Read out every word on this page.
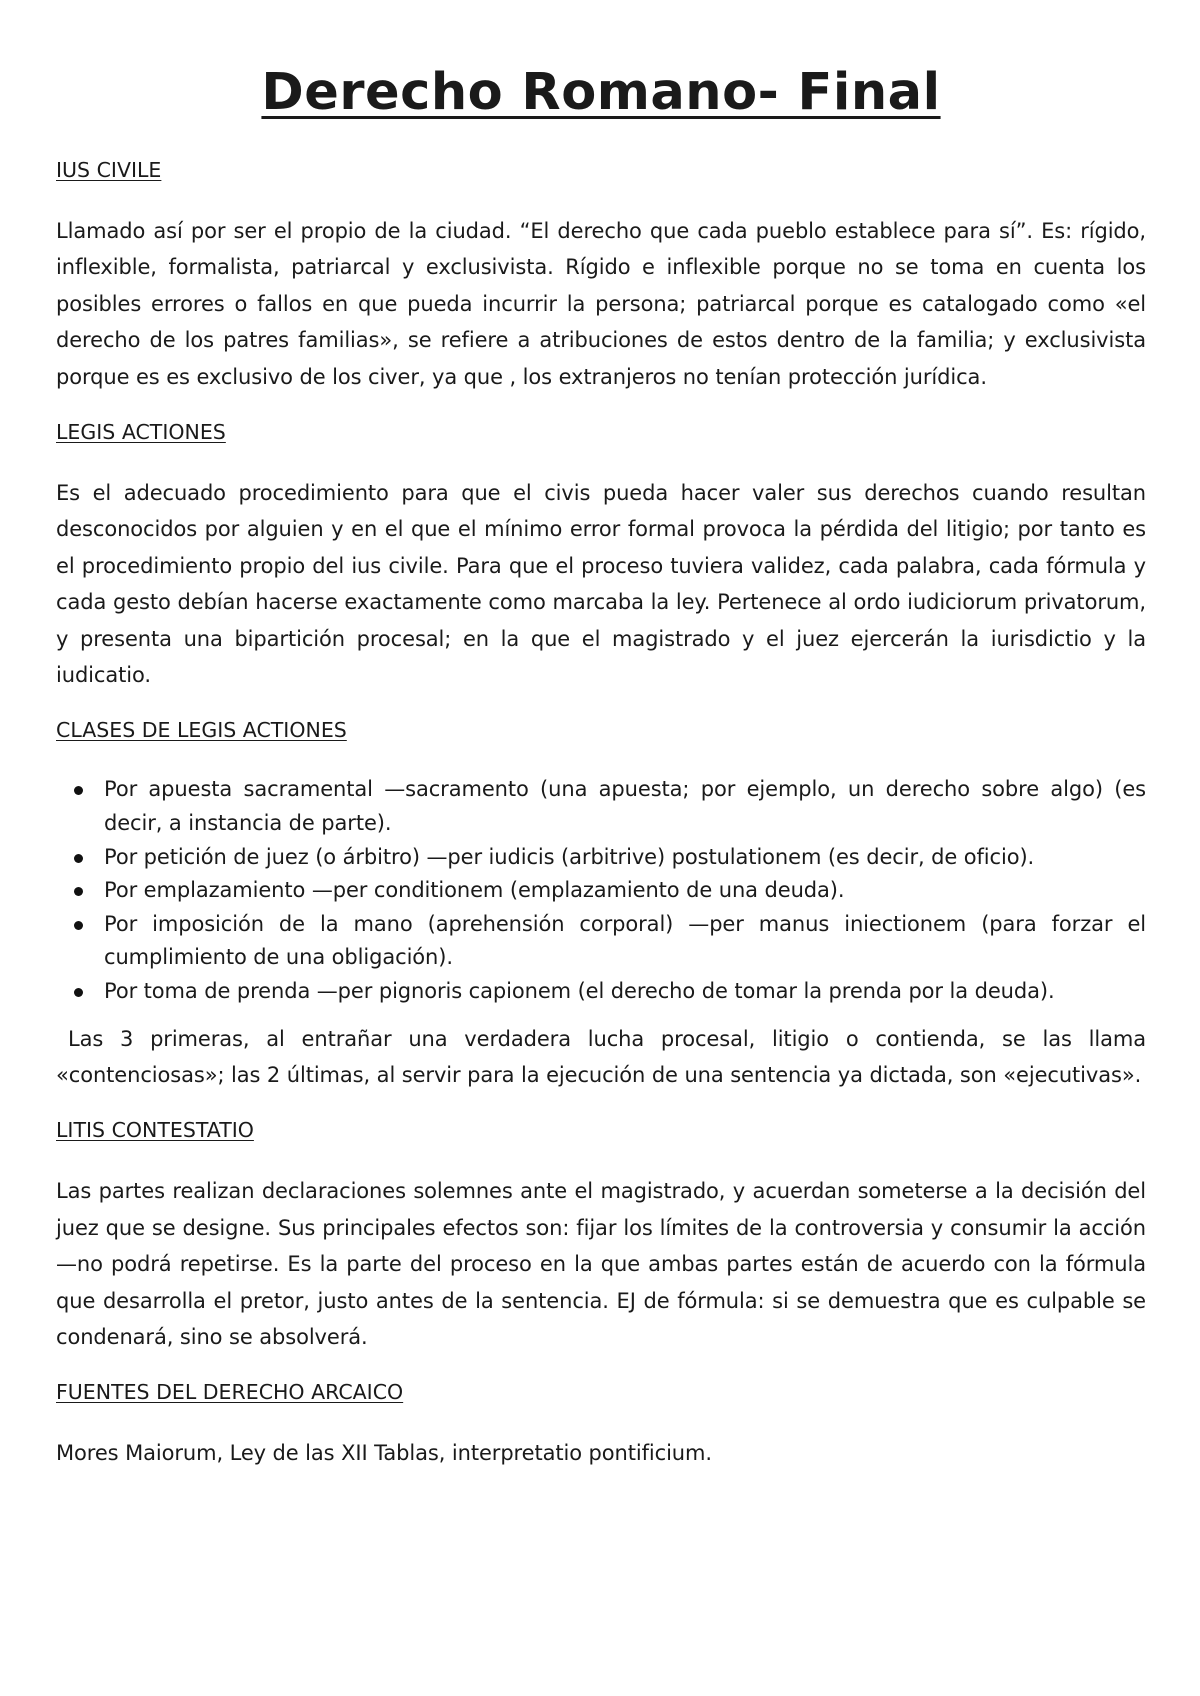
Derecho Romano- Final
IUS CIVILE

Llamado así por ser el propio de la ciudad. “El derecho que cada pueblo establece para sí”. Es: rígido, inflexible, formalista, patriarcal y exclusivista. Rígido e inflexible porque no se toma en cuenta los posibles errores o fallos en que pueda incurrir la persona; patriarcal porque es catalogado como «el derecho de los patres familias», se refiere a atribuciones de estos dentro de la familia; y exclusivista porque es es exclusivo de los civer, ya que , los extranjeros no tenían protección jurídica.

LEGIS ACTIONES

Es el adecuado procedimiento para que el civis pueda hacer valer sus derechos cuando resultan desconocidos por alguien y en el que el mínimo error formal provoca la pérdida del litigio; por tanto es el procedimiento propio del ius civile. Para que el proceso tuviera validez, cada palabra, cada fórmula y cada gesto debían hacerse exactamente como marcaba la ley. Pertenece al ordo iudiciorum privatorum, y presenta una bipartición procesal; en la que el magistrado y el juez ejercerán la iurisdictio y la iudicatio.

CLASES DE LEGIS ACTIONES
Por apuesta sacramental —sacramento (una apuesta; por ejemplo, un derecho sobre algo) (es decir, a instancia de parte).
Por petición de juez (o árbitro) —per iudicis (arbitrive) postulationem (es decir, de oficio).
Por emplazamiento —per conditionem (emplazamiento de una deuda).
Por imposición de la mano (aprehensión corporal) —per manus iniectionem (para forzar el cumplimiento de una obligación).
Por toma de prenda —per pignoris capionem (el derecho de tomar la prenda por la deuda).

Las 3 primeras, al entrañar una verdadera lucha procesal, litigio o contienda, se las llama «contenciosas»; las 2 últimas, al servir para la ejecución de una sentencia ya dictada, son «ejecutivas».

LITIS CONTESTATIO

Las partes realizan declaraciones solemnes ante el magistrado, y acuerdan someterse a la decisión del juez que se designe. Sus principales efectos son: fijar los límites de la controversia y consumir la acción —no podrá repetirse. Es la parte del proceso en la que ambas partes están de acuerdo con la fórmula que desarrolla el pretor, justo antes de la sentencia. EJ de fórmula: si se demuestra que es culpable se condenará, sino se absolverá.

FUENTES DEL DERECHO ARCAICO

Mores Maiorum, Ley de las XII Tablas, interpretatio pontificium.
